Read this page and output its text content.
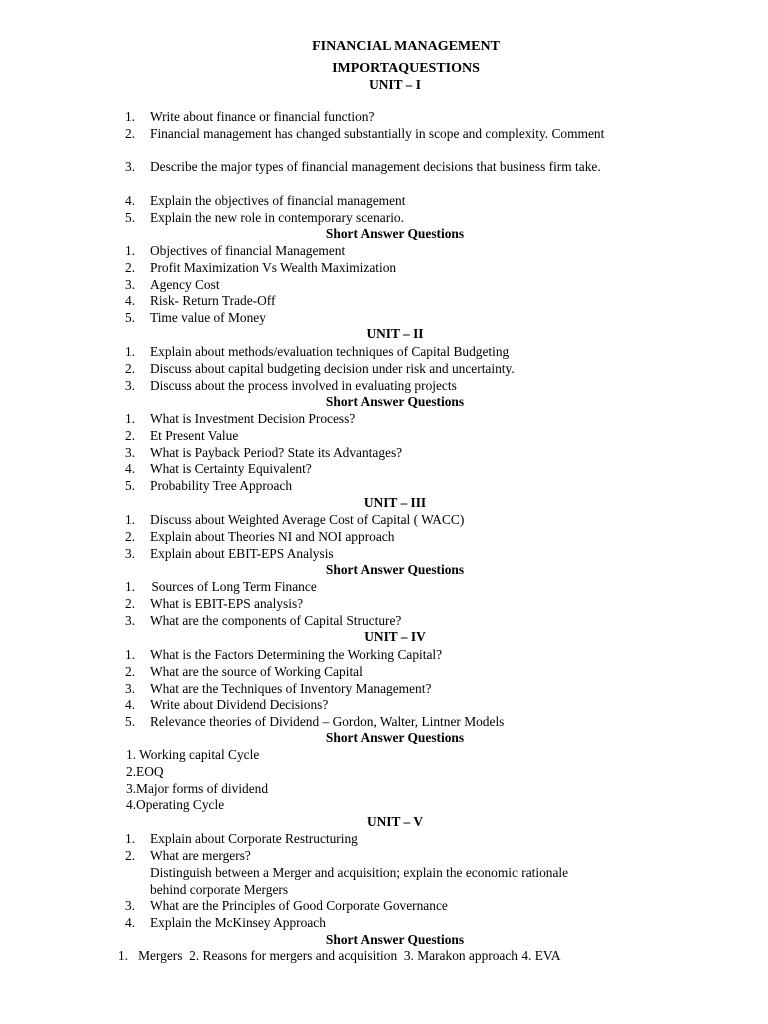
FINANCIAL MANAGEMENT
IMPORTAQUESTIONS
UNIT – I
1. Write about finance or financial function?
2. Financial management has changed substantially in scope and complexity. Comment
3. Describe the major types of financial management decisions that business firm take.
4. Explain the objectives of financial management
5. Explain the new role in contemporary scenario.
Short Answer Questions
1. Objectives of financial Management
2. Profit Maximization Vs Wealth Maximization
3. Agency Cost
4. Risk- Return Trade-Off
5. Time value of Money
UNIT – II
1. Explain about methods/evaluation techniques of Capital Budgeting
2. Discuss about capital budgeting decision under risk and uncertainty.
3. Discuss about the process involved in evaluating projects
Short Answer Questions
1. What is Investment Decision Process?
2. Et Present Value
3. What is Payback Period? State its Advantages?
4. What is Certainty Equivalent?
5. Probability Tree Approach
UNIT – III
1. Discuss about Weighted Average Cost of Capital ( WACC)
2. Explain about Theories NI and NOI approach
3. Explain about EBIT-EPS Analysis
Short Answer Questions
1. Sources of Long Term Finance
2. What is EBIT-EPS analysis?
3. What are the components of Capital Structure?
UNIT – IV
1. What is the Factors Determining the Working Capital?
2. What are the source of Working Capital
3. What are the Techniques of Inventory Management?
4. Write about Dividend Decisions?
5. Relevance theories of Dividend – Gordon, Walter, Lintner Models
Short Answer Questions
1. Working capital Cycle
2.EOQ
3.Major forms of dividend
4.Operating Cycle
UNIT – V
1. Explain about Corporate Restructuring
2. What are mergers?
Distinguish between a Merger and acquisition; explain the economic rationale
behind corporate Mergers
3. What are the Principles of Good Corporate Governance
4. Explain the McKinsey Approach
Short Answer Questions
1.   Mergers  2. Reasons for mergers and acquisition  3. Marakon approach 4. EVA
